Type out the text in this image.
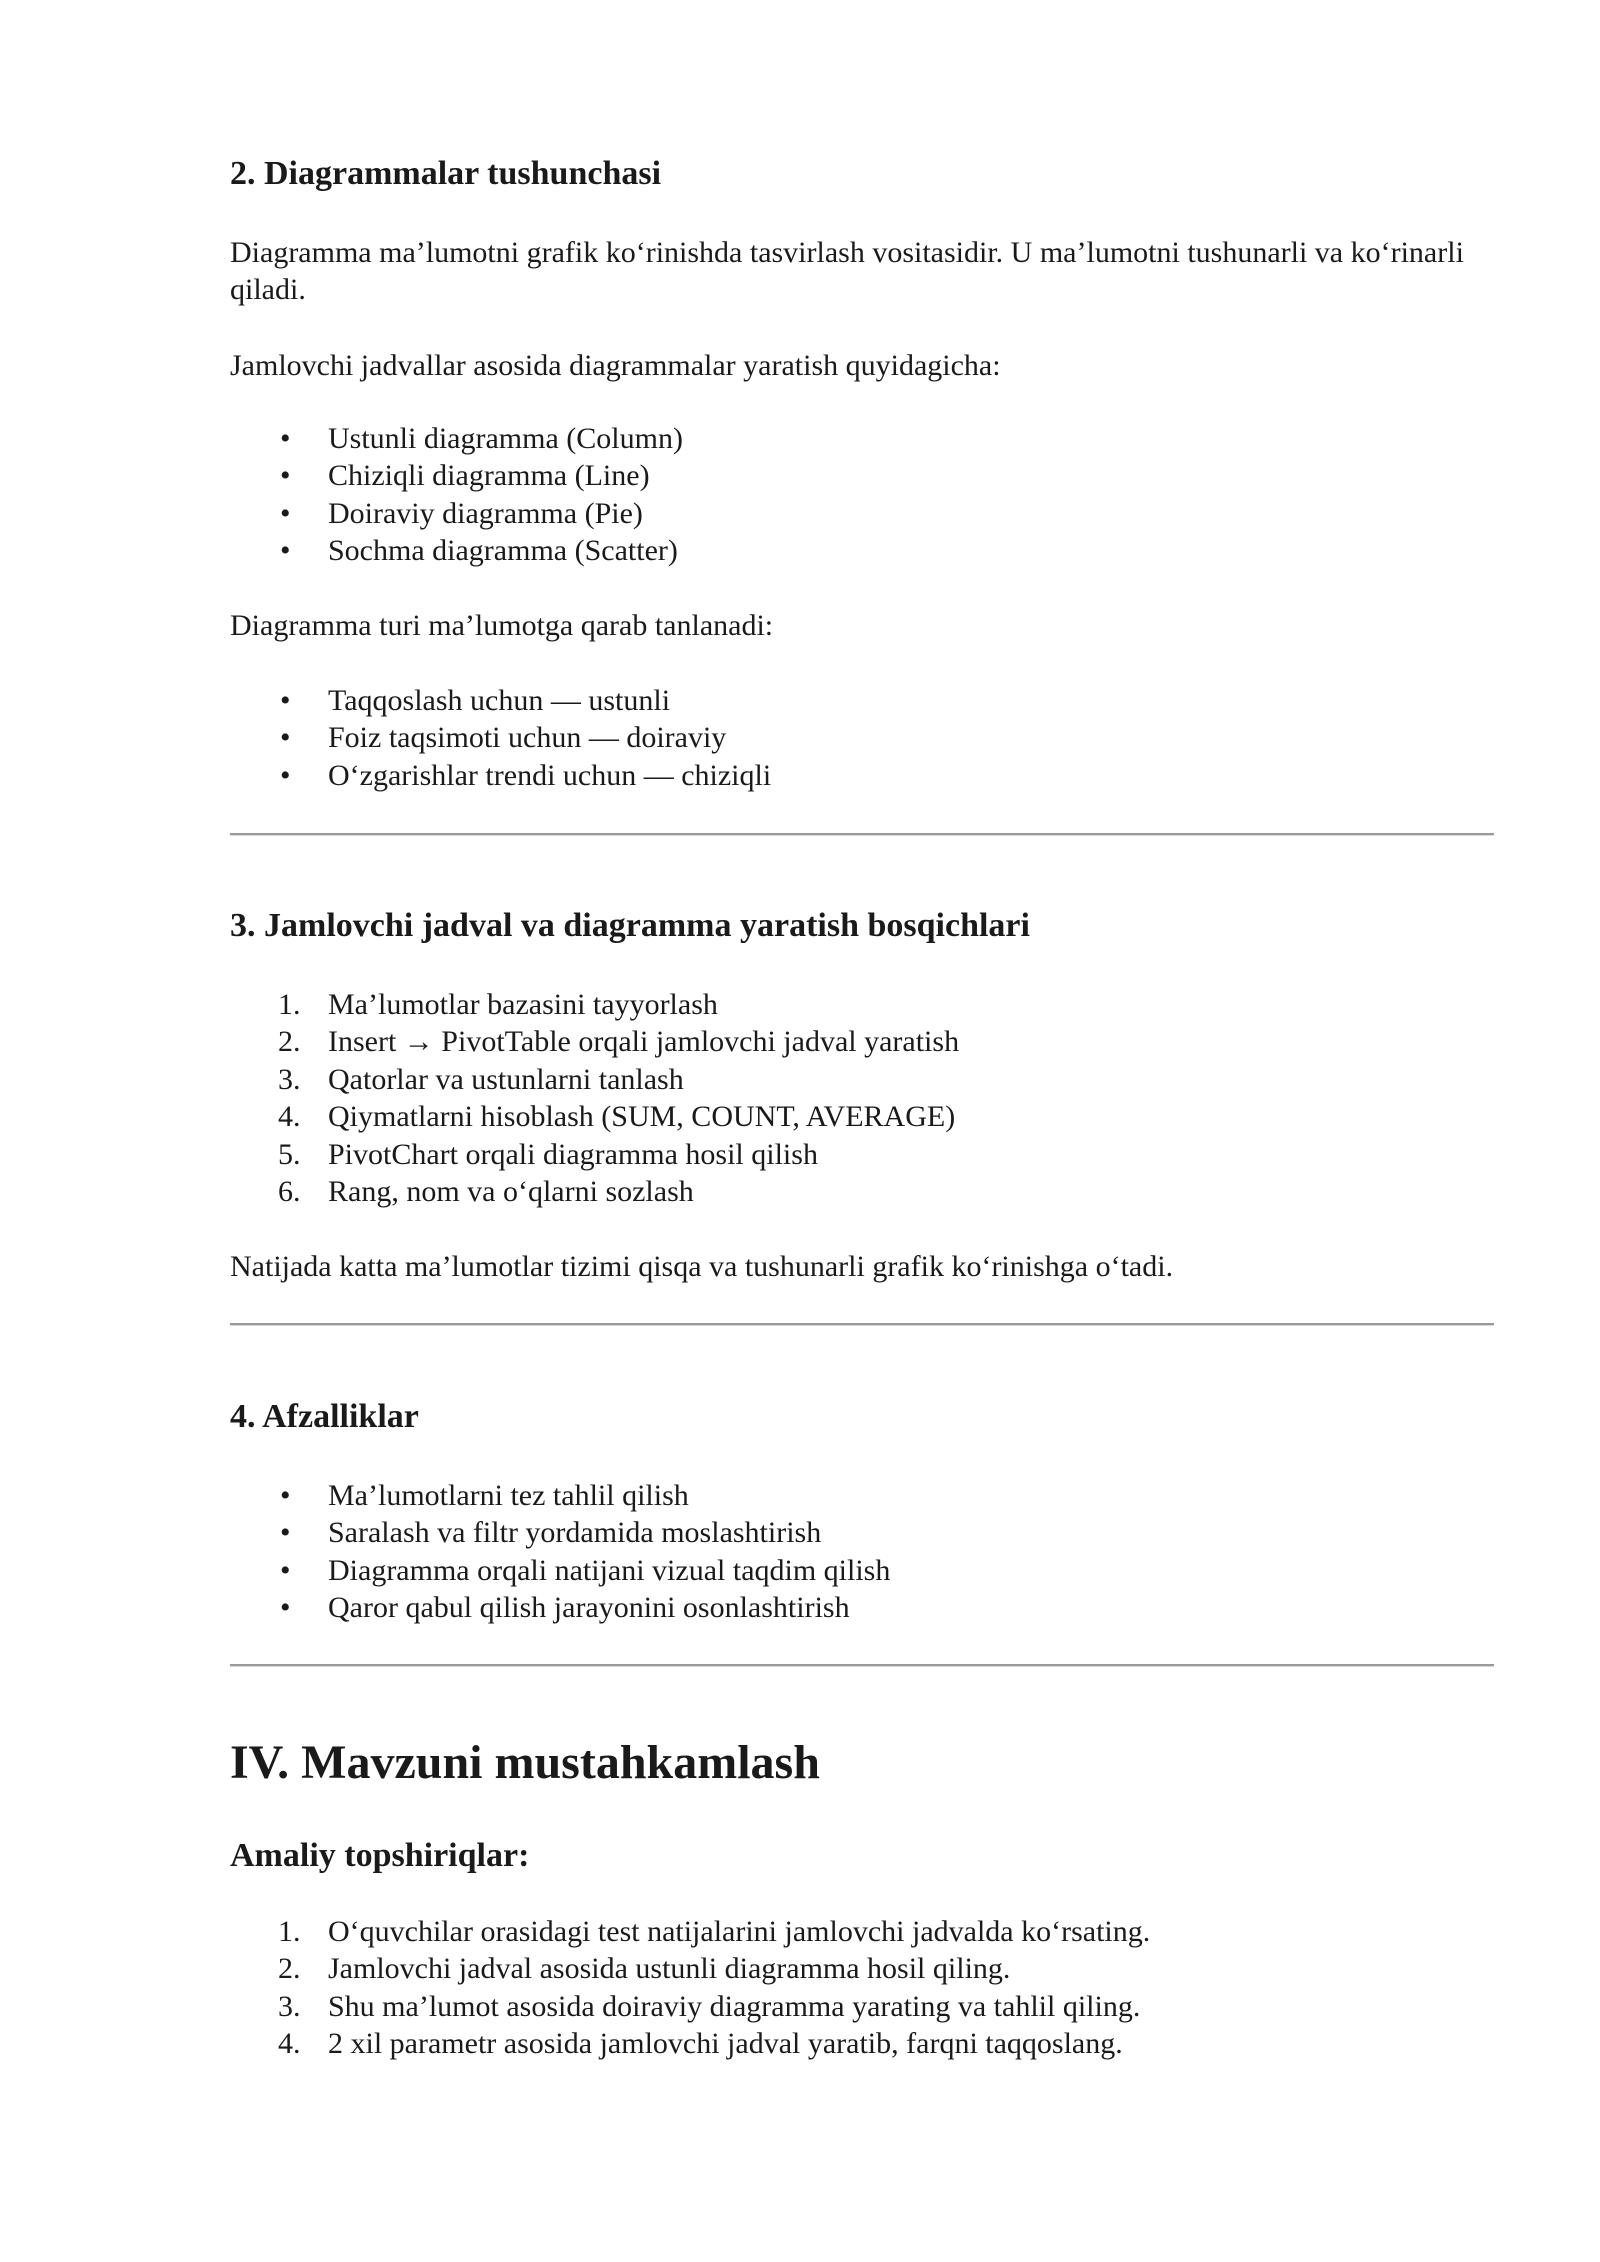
2. Diagrammalar tushunchasi

Diagramma ma’lumotni grafik ko‘rinishda tasvirlash vositasidir. U ma’lumotni tushunarli va ko‘rinarli qiladi.

Jamlovchi jadvallar asosida diagrammalar yaratish quyidagicha:

• Ustunli diagramma (Column)
• Chiziqli diagramma (Line)
• Doiraviy diagramma (Pie)
• Sochma diagramma (Scatter)

Diagramma turi ma’lumotga qarab tanlanadi:

• Taqqoslash uchun — ustunli
• Foiz taqsimoti uchun — doiraviy
• O‘zgarishlar trendi uchun — chiziqli
3. Jamlovchi jadval va diagramma yaratish bosqichlari
1. Ma’lumotlar bazasini tayyorlash
2. Insert → PivotTable orqali jamlovchi jadval yaratish
3. Qatorlar va ustunlarni tanlash
4. Qiymatlarni hisoblash (SUM, COUNT, AVERAGE)
5. PivotChart orqali diagramma hosil qilish
6. Rang, nom va o‘qlarni sozlash

Natijada katta ma’lumotlar tizimi qisqa va tushunarli grafik ko‘rinishga o‘tadi.

4. Afzalliklar
• Ma’lumotlarni tez tahlil qilish
• Saralash va filtr yordamida moslashtirish
• Diagramma orqali natijani vizual taqdim qilish
• Qaror qabul qilish jarayonini osonlashtirish
IV. Mavzuni mustahkamlash
Amaliy topshiriqlar:
1. O‘quvchilar orasidagi test natijalarini jamlovchi jadvalda ko‘rsating.
2. Jamlovchi jadval asosida ustunli diagramma hosil qiling.
3. Shu ma’lumot asosida doiraviy diagramma yarating va tahlil qiling.
4. 2 xil parametr asosida jamlovchi jadval yaratib, farqni taqqoslang.
